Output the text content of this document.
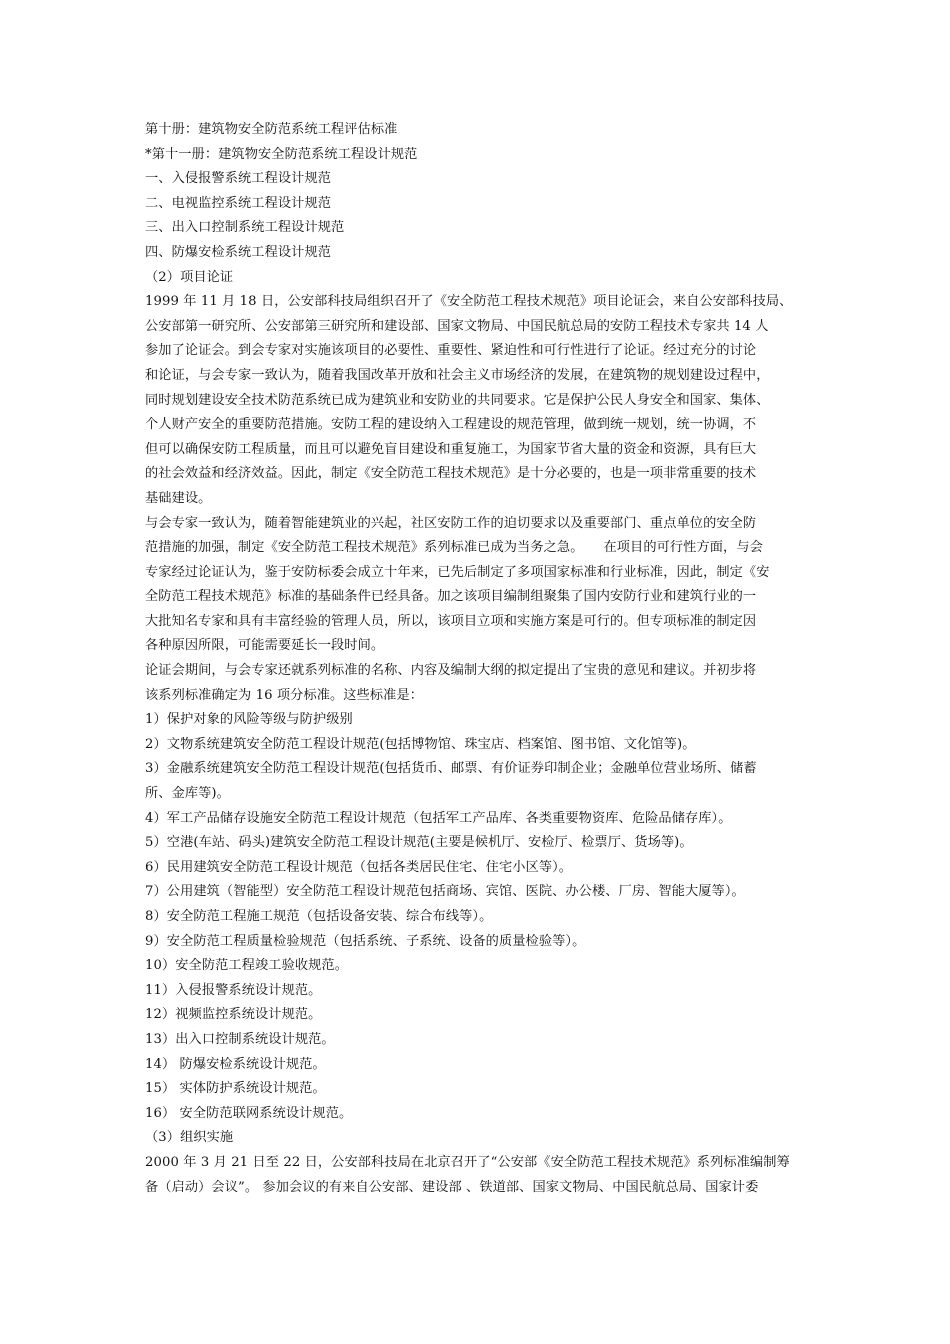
第十册：建筑物安全防范系统工程评估标准
*第十一册：建筑物安全防范系统工程设计规范
一、入侵报警系统工程设计规范
二、电视监控系统工程设计规范
三、出入口控制系统工程设计规范
四、防爆安检系统工程设计规范
（2）项目论证
1999 年 11 月 18 日，公安部科技局组织召开了《安全防范工程技术规范》项目论证会，来自公安部科技局、
公安部第一研究所、公安部第三研究所和建设部、国家文物局、中国民航总局的安防工程技术专家共 14 人
参加了论证会。到会专家对实施该项目的必要性、重要性、紧迫性和可行性进行了论证。经过充分的讨论
和论证，与会专家一致认为，随着我国改革开放和社会主义市场经济的发展，在建筑物的规划建设过程中，
同时规划建设安全技术防范系统已成为建筑业和安防业的共同要求。它是保护公民人身安全和国家、集体、
个人财产安全的重要防范措施。安防工程的建设纳入工程建设的规范管理，做到统一规划，统一协调，不
但可以确保安防工程质量，而且可以避免盲目建设和重复施工，为国家节省大量的资金和资源，具有巨大
的社会效益和经济效益。因此，制定《安全防范工程技术规范》是十分必要的，也是一项非常重要的技术
基础建设。
与会专家一致认为，随着智能建筑业的兴起，社区安防工作的迫切要求以及重要部门、重点单位的安全防
范措施的加强，制定《安全防范工程技术规范》系列标准已成为当务之急。　　在项目的可行性方面，与会
专家经过论证认为，鉴于安防标委会成立十年来，已先后制定了多项国家标准和行业标准，因此，制定《安
全防范工程技术规范》标准的基础条件已经具备。加之该项目编制组聚集了国内安防行业和建筑行业的一
大批知名专家和具有丰富经验的管理人员，所以，该项目立项和实施方案是可行的。但专项标准的制定因
各种原因所限，可能需要延长一段时间。
论证会期间，与会专家还就系列标准的名称、内容及编制大纲的拟定提出了宝贵的意见和建议。并初步将
该系列标准确定为 16 项分标准。这些标准是：
1）保护对象的风险等级与防护级别
2）文物系统建筑安全防范工程设计规范(包括博物馆、珠宝店、档案馆、图书馆、文化馆等)。
3）金融系统建筑安全防范工程设计规范(包括货币、邮票、有价证券印制企业；金融单位营业场所、储蓄
所、金库等)。
4）军工产品储存设施安全防范工程设计规范（包括军工产品库、各类重要物资库、危险品储存库）。
5）空港(车站、码头)建筑安全防范工程设计规范(主要是候机厅、安检厅、检票厅、货场等)。
6）民用建筑安全防范工程设计规范（包括各类居民住宅、住宅小区等）。
7）公用建筑（智能型）安全防范工程设计规范包括商场、宾馆、医院、办公楼、厂房、智能大厦等）。
8）安全防范工程施工规范（包括设备安装、综合布线等）。
9）安全防范工程质量检验规范（包括系统、子系统、设备的质量检验等）。
10）安全防范工程竣工验收规范。
11）入侵报警系统设计规范。
12）视频监控系统设计规范。
13）出入口控制系统设计规范。
14） 防爆安检系统设计规范。
15） 实体防护系统设计规范。
16） 安全防范联网系统设计规范。
（3）组织实施
2000 年 3 月 21 日至 22 日，公安部科技局在北京召开了“公安部《安全防范工程技术规范》系列标准编制筹
备（启动）会议”。 参加会议的有来自公安部、建设部 、铁道部、国家文物局、中国民航总局、国家计委
